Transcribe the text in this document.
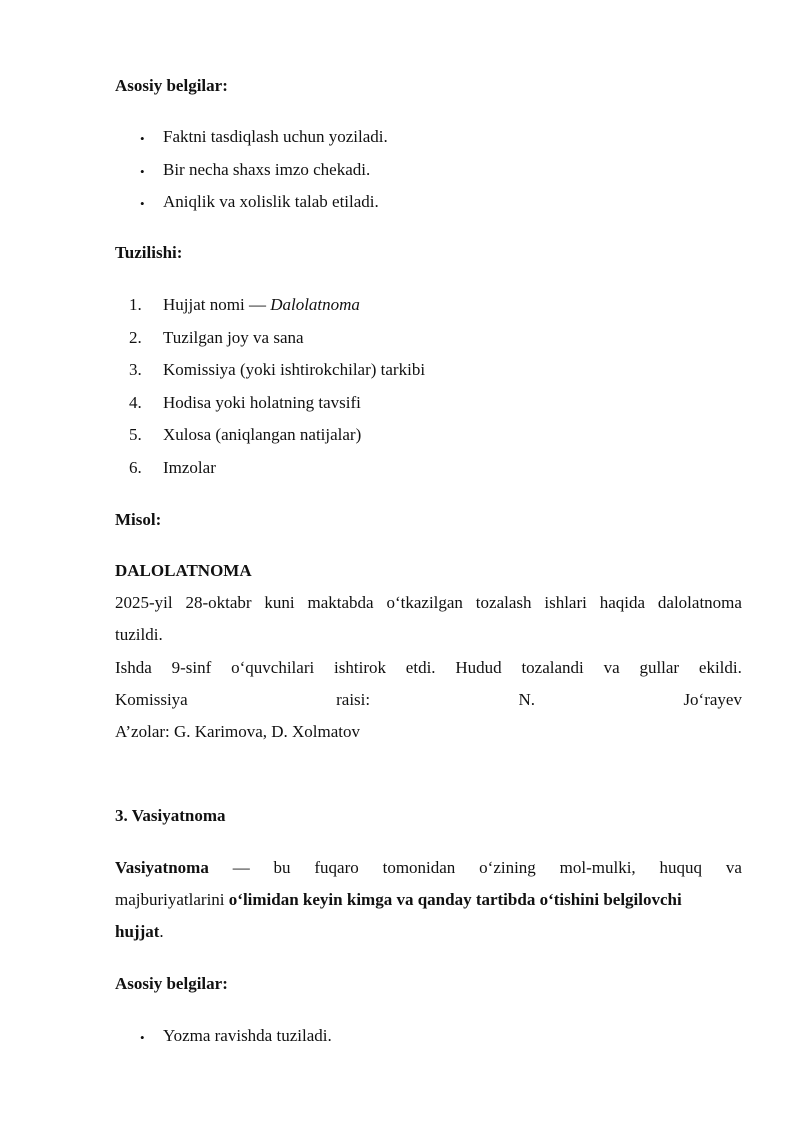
Asosiy belgilar:
• Faktni tasdiqlash uchun yoziladi.
• Bir necha shaxs imzo chekadi.
• Aniqlik va xolislik talab etiladi.
Tuzilishi:
1. Hujjat nomi — Dalolatnoma
2. Tuzilgan joy va sana
3. Komissiya (yoki ishtirokchilar) tarkibi
4. Hodisa yoki holatning tavsifi
5. Xulosa (aniqlangan natijalar)
6. Imzolar
Misol:
DALOLATNOMA
2025-yil 28-oktabr kuni maktabda o‘tkazilgan tozalash ishlari haqida dalolatnoma
tuzildi.
Ishda 9-sinf o‘quvchilari ishtirok etdi. Hudud tozalandi va gullar ekildi.
Komissiya	raisi:	N.	Jo‘rayev
A’zolar: G. Karimova, D. Xolmatov
3. Vasiyatnoma
Vasiyatnoma — bu fuqaro tomonidan o‘zining mol-mulki, huquq va
majburiyatlarini o‘limidan keyin kimga va qanday tartibda o‘tishini belgilovchi
hujjat.
Asosiy belgilar:
• Yozma ravishda tuziladi.
